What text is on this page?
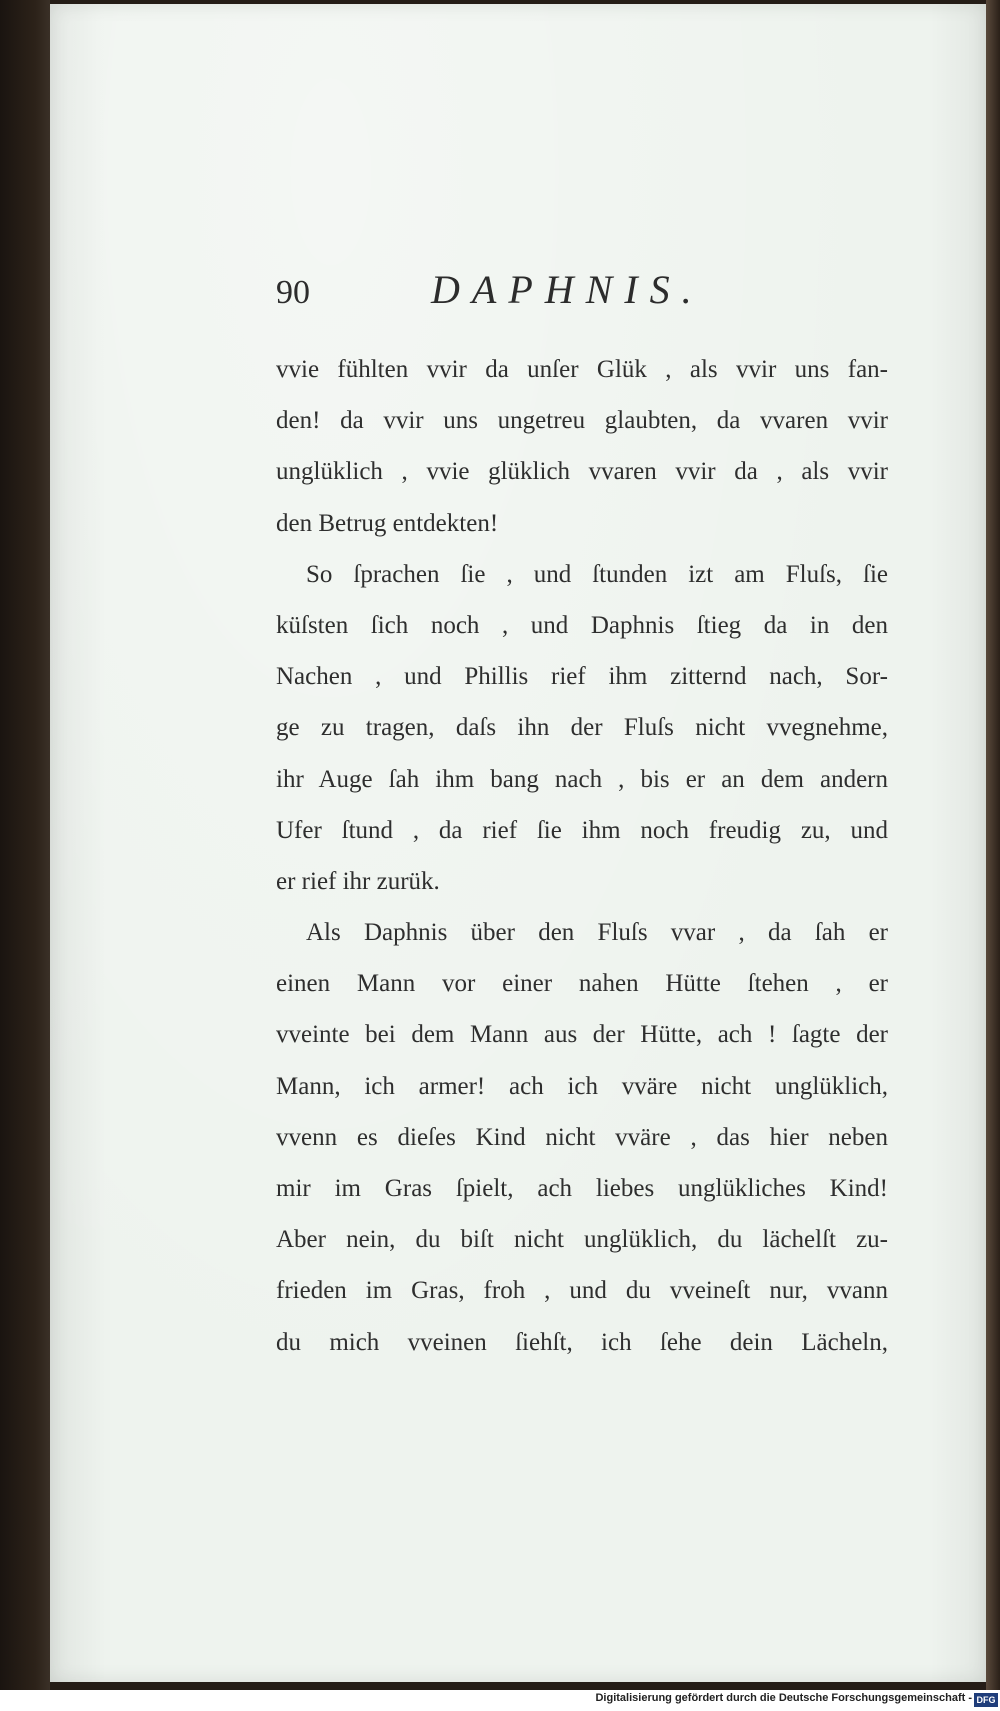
90	DAPHNIS.
vvie fühlten vvir da unſer Glük , als vvir uns fan-
den! da vvir uns ungetreu glaubten, da vvaren vvir
unglüklich , vvie glüklich vvaren vvir da , als vvir
den Betrug entdekten!
So ſprachen ſie , und ſtunden izt am Fluſs, ſie
küſsten ſich noch , und Daphnis ſtieg da in den
Nachen , und Phillis rief ihm zitternd nach, Sor-
ge zu tragen, daſs ihn der Fluſs nicht vvegnehme,
ihr Auge ſah ihm bang nach , bis er an dem andern
Ufer ſtund , da rief ſie ihm noch freudig zu, und
er rief ihr zurük.
Als Daphnis über den Fluſs vvar , da ſah er
einen Mann vor einer nahen Hütte ſtehen , er
vveinte bei dem Mann aus der Hütte, ach ! ſagte der
Mann, ich armer! ach ich vväre nicht unglüklich,
vvenn es dieſes Kind nicht vväre , das hier neben
mir im Gras ſpielt, ach liebes unglükliches Kind!
Aber nein, du biſt nicht unglüklich, du lächelſt zu-
frieden im Gras, froh , und du vveineſt nur, vvann
du mich vveinen ſiehſt, ich ſehe dein Lächeln,
Digitalisierung gefördert durch die Deutsche Forschungsgemeinschaft - DFG
